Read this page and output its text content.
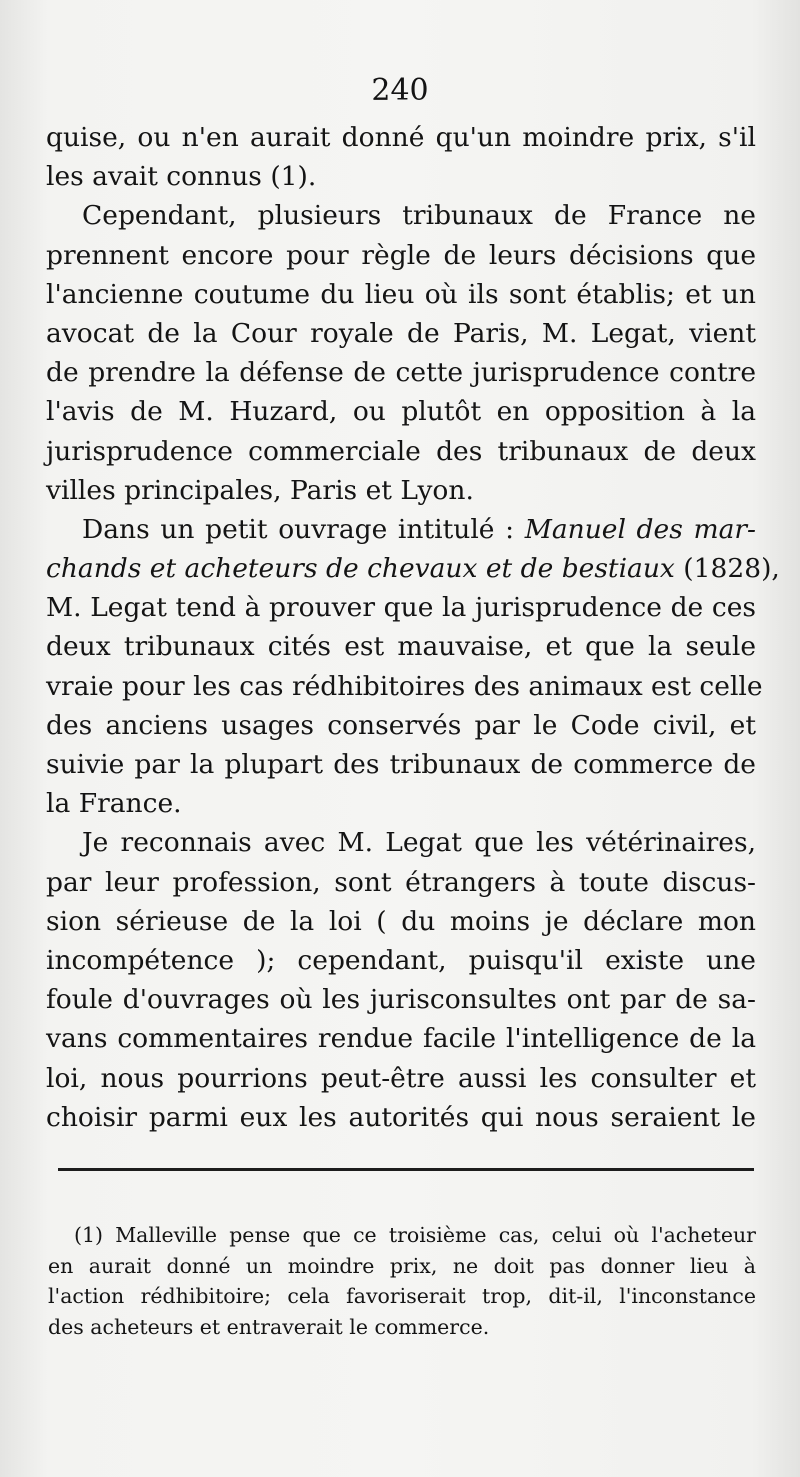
240
quise, ou n'en aurait donné qu'un moindre prix, s'il
les avait connus (1).
Cependant, plusieurs tribunaux de France ne
prennent encore pour règle de leurs décisions que
l'ancienne coutume du lieu où ils sont établis; et un
avocat de la Cour royale de Paris, M. Legat, vient
de prendre la défense de cette jurisprudence contre
l'avis de M. Huzard, ou plutôt en opposition à la
jurisprudence commerciale des tribunaux de deux
villes principales, Paris et Lyon.
Dans un petit ouvrage intitulé : Manuel des mar-
chands et acheteurs de chevaux et de bestiaux (1828),
M. Legat tend à prouver que la jurisprudence de ces
deux tribunaux cités est mauvaise, et que la seule
vraie pour les cas rédhibitoires des animaux est celle
des anciens usages conservés par le Code civil, et
suivie par la plupart des tribunaux de commerce de
la France.
Je reconnais avec M. Legat que les vétérinaires,
par leur profession, sont étrangers à toute discus-
sion sérieuse de la loi ( du moins je déclare mon
incompétence ); cependant, puisqu'il existe une
foule d'ouvrages où les jurisconsultes ont par de sa-
vans commentaires rendue facile l'intelligence de la
loi, nous pourrions peut-être aussi les consulter et
choisir parmi eux les autorités qui nous seraient le
(1) Malleville pense que ce troisième cas, celui où l'acheteur
en aurait donné un moindre prix, ne doit pas donner lieu à
l'action rédhibitoire; cela favoriserait trop, dit-il, l'inconstance
des acheteurs et entraverait le commerce.
